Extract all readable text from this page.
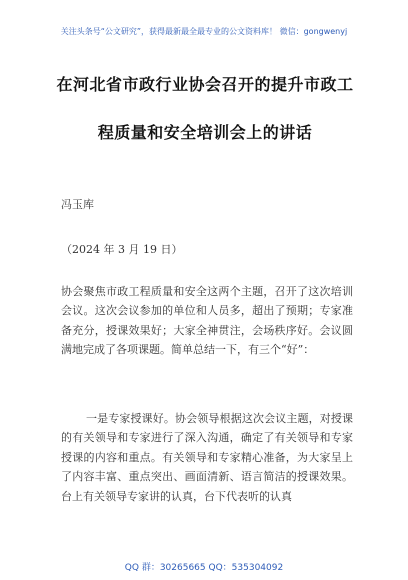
关注头条号“公文研究”，获得最新最全最专业的公文资料库！ 微信：gongwenyj
在河北省市政行业协会召开的提升市政工
程质量和安全培训会上的讲话
冯玉库
（2024 年 3 月 19 日）
协会聚焦市政工程质量和安全这两个主题，召开了这次培训会议。这次会议参加的单位和人员多，超出了预期；专家准备充分，授课效果好；大家全神贯注，会场秩序好。会议圆满地完成了各项课题。简单总结一下，有三个“好”：
一是专家授课好。协会领导根据这次会议主题，对授课的有关领导和专家进行了深入沟通，确定了有关领导和专家授课的内容和重点。有关领导和专家精心准备，为大家呈上了内容丰富、重点突出、画面清新、语言简洁的授课效果。台上有关领导专家讲的认真，台下代表听的认真
QQ 群：30265665 QQ：535304092
